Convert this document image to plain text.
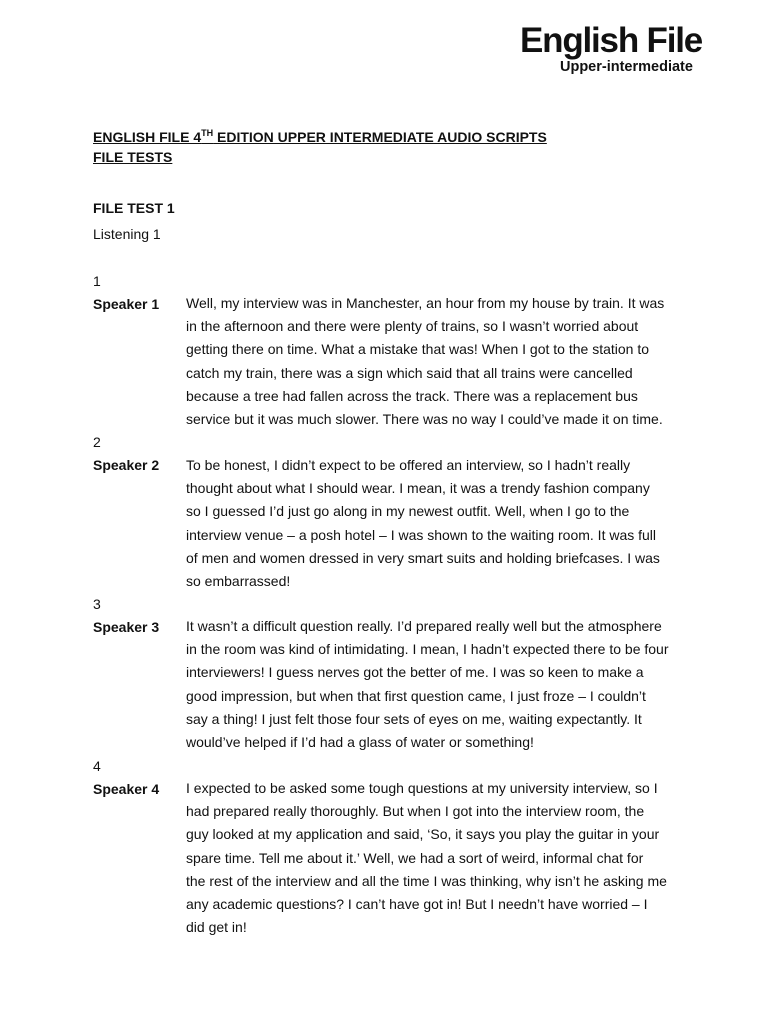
English File
Upper-intermediate
ENGLISH FILE 4TH EDITION UPPER INTERMEDIATE AUDIO SCRIPTS
FILE TESTS
FILE TEST 1
Listening 1
1
Speaker 1 Well, my interview was in Manchester, an hour from my house by train. It was
in the afternoon and there were plenty of trains, so I wasn’t worried about
getting there on time. What a mistake that was! When I got to the station to
catch my train, there was a sign which said that all trains were cancelled
because a tree had fallen across the track. There was a replacement bus
service but it was much slower. There was no way I could’ve made it on time.
2
Speaker 2 To be honest, I didn’t expect to be offered an interview, so I hadn’t really
thought about what I should wear. I mean, it was a trendy fashion company
so I guessed I’d just go along in my newest outfit. Well, when I go to the
interview venue – a posh hotel – I was shown to the waiting room. It was full
of men and women dressed in very smart suits and holding briefcases. I was
so embarrassed!
3
Speaker 3 It wasn’t a difficult question really. I’d prepared really well but the atmosphere
in the room was kind of intimidating. I mean, I hadn’t expected there to be four
interviewers! I guess nerves got the better of me. I was so keen to make a
good impression, but when that first question came, I just froze – I couldn’t
say a thing! I just felt those four sets of eyes on me, waiting expectantly. It
would’ve helped if I’d had a glass of water or something!
4
Speaker 4 I expected to be asked some tough questions at my university interview, so I
had prepared really thoroughly. But when I got into the interview room, the
guy looked at my application and said, ‘So, it says you play the guitar in your
spare time. Tell me about it.’ Well, we had a sort of weird, informal chat for
the rest of the interview and all the time I was thinking, why isn’t he asking me
any academic questions? I can’t have got in! But I needn’t have worried – I
did get in!
